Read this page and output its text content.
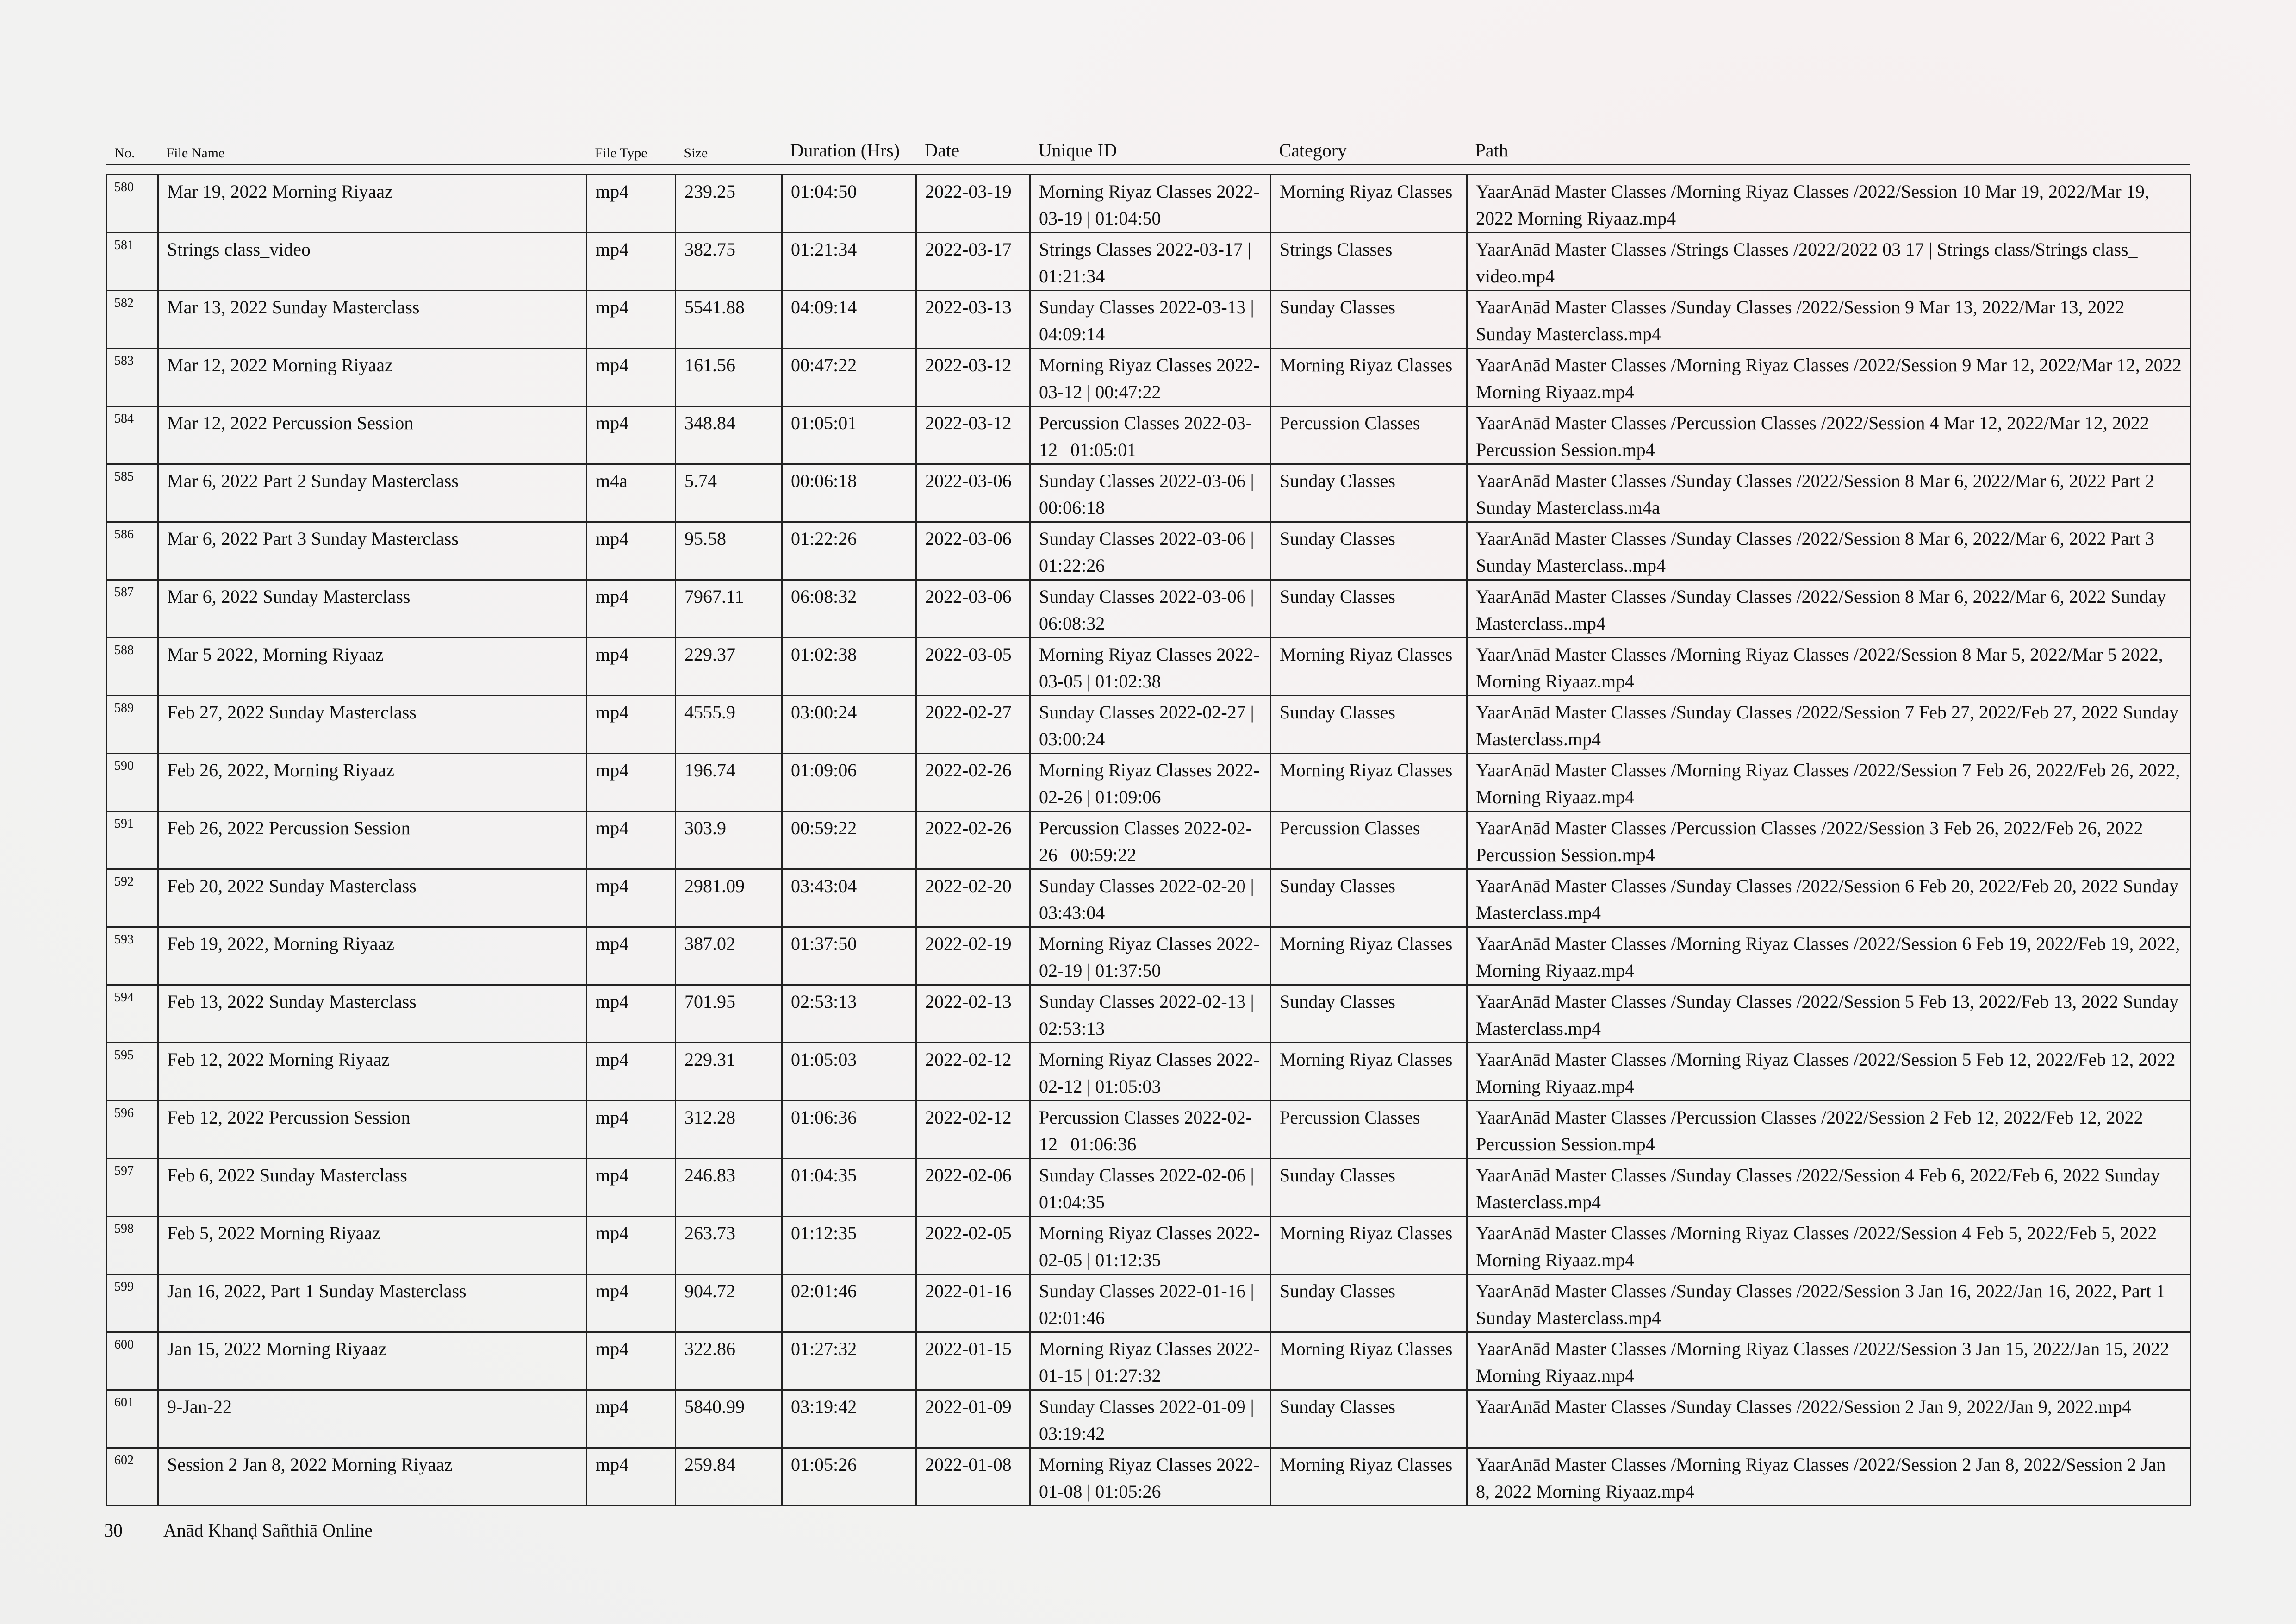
No.	File Name	File Type	Size	Duration (Hrs)	Date	Unique ID	Category	Path

580	Mar 19, 2022 Morning Riyaaz	mp4	239.25	01:04:50	2022-03-19	Morning Riyaz Classes 2022-03-19 | 01:04:50	Morning Riyaz Classes	YaarAnād Master Classes /Morning Riyaz Classes /2022/Session 10 Mar 19, 2022/Mar 19, 2022 Morning Riyaaz.mp4
581	Strings class_video	mp4	382.75	01:21:34	2022-03-17	Strings Classes 2022-03-17 | 01:21:34	Strings Classes	YaarAnād Master Classes /Strings Classes /2022/2022 03 17 | Strings class/Strings class_ video.mp4
582	Mar 13, 2022 Sunday Masterclass	mp4	5541.88	04:09:14	2022-03-13	Sunday Classes 2022-03-13 | 04:09:14	Sunday Classes	YaarAnād Master Classes /Sunday Classes /2022/Session 9 Mar 13, 2022/Mar 13, 2022 Sunday Masterclass.mp4
583	Mar 12, 2022 Morning Riyaaz	mp4	161.56	00:47:22	2022-03-12	Morning Riyaz Classes 2022-03-12 | 00:47:22	Morning Riyaz Classes	YaarAnād Master Classes /Morning Riyaz Classes /2022/Session 9 Mar 12, 2022/Mar 12, 2022 Morning Riyaaz.mp4
584	Mar 12, 2022 Percussion Session	mp4	348.84	01:05:01	2022-03-12	Percussion Classes 2022-03-12 | 01:05:01	Percussion Classes	YaarAnād Master Classes /Percussion Classes /2022/Session 4 Mar 12, 2022/Mar 12, 2022 Percussion Session.mp4
585	Mar 6, 2022 Part 2 Sunday Masterclass	m4a	5.74	00:06:18	2022-03-06	Sunday Classes 2022-03-06 | 00:06:18	Sunday Classes	YaarAnād Master Classes /Sunday Classes /2022/Session 8 Mar 6, 2022/Mar 6, 2022 Part 2 Sunday Masterclass.m4a
586	Mar 6, 2022 Part 3 Sunday Masterclass	mp4	95.58	01:22:26	2022-03-06	Sunday Classes 2022-03-06 | 01:22:26	Sunday Classes	YaarAnād Master Classes /Sunday Classes /2022/Session 8 Mar 6, 2022/Mar 6, 2022 Part 3 Sunday Masterclass..mp4
587	Mar 6, 2022 Sunday Masterclass	mp4	7967.11	06:08:32	2022-03-06	Sunday Classes 2022-03-06 | 06:08:32	Sunday Classes	YaarAnād Master Classes /Sunday Classes /2022/Session 8 Mar 6, 2022/Mar 6, 2022 Sunday Masterclass..mp4
588	Mar 5 2022, Morning Riyaaz	mp4	229.37	01:02:38	2022-03-05	Morning Riyaz Classes 2022-03-05 | 01:02:38	Morning Riyaz Classes	YaarAnād Master Classes /Morning Riyaz Classes /2022/Session 8 Mar 5, 2022/Mar 5 2022, Morning Riyaaz.mp4
589	Feb 27, 2022 Sunday Masterclass	mp4	4555.9	03:00:24	2022-02-27	Sunday Classes 2022-02-27 | 03:00:24	Sunday Classes	YaarAnād Master Classes /Sunday Classes /2022/Session 7 Feb 27, 2022/Feb 27, 2022 Sunday Masterclass.mp4
590	Feb 26, 2022, Morning Riyaaz	mp4	196.74	01:09:06	2022-02-26	Morning Riyaz Classes 2022-02-26 | 01:09:06	Morning Riyaz Classes	YaarAnād Master Classes /Morning Riyaz Classes /2022/Session 7 Feb 26, 2022/Feb 26, 2022, Morning Riyaaz.mp4
591	Feb 26, 2022 Percussion Session	mp4	303.9	00:59:22	2022-02-26	Percussion Classes 2022-02-26 | 00:59:22	Percussion Classes	YaarAnād Master Classes /Percussion Classes /2022/Session 3 Feb 26, 2022/Feb 26, 2022 Percussion Session.mp4
592	Feb 20, 2022 Sunday Masterclass	mp4	2981.09	03:43:04	2022-02-20	Sunday Classes 2022-02-20 | 03:43:04	Sunday Classes	YaarAnād Master Classes /Sunday Classes /2022/Session 6 Feb 20, 2022/Feb 20, 2022 Sunday Masterclass.mp4
593	Feb 19, 2022, Morning Riyaaz	mp4	387.02	01:37:50	2022-02-19	Morning Riyaz Classes 2022-02-19 | 01:37:50	Morning Riyaz Classes	YaarAnād Master Classes /Morning Riyaz Classes /2022/Session 6 Feb 19, 2022/Feb 19, 2022, Morning Riyaaz.mp4
594	Feb 13, 2022 Sunday Masterclass	mp4	701.95	02:53:13	2022-02-13	Sunday Classes 2022-02-13 | 02:53:13	Sunday Classes	YaarAnād Master Classes /Sunday Classes /2022/Session 5 Feb 13, 2022/Feb 13, 2022 Sunday Masterclass.mp4
595	Feb 12, 2022 Morning Riyaaz	mp4	229.31	01:05:03	2022-02-12	Morning Riyaz Classes 2022-02-12 | 01:05:03	Morning Riyaz Classes	YaarAnād Master Classes /Morning Riyaz Classes /2022/Session 5 Feb 12, 2022/Feb 12, 2022 Morning Riyaaz.mp4
596	Feb 12, 2022 Percussion Session	mp4	312.28	01:06:36	2022-02-12	Percussion Classes 2022-02-12 | 01:06:36	Percussion Classes	YaarAnād Master Classes /Percussion Classes /2022/Session 2 Feb 12, 2022/Feb 12, 2022 Percussion Session.mp4
597	Feb 6, 2022 Sunday Masterclass	mp4	246.83	01:04:35	2022-02-06	Sunday Classes 2022-02-06 | 01:04:35	Sunday Classes	YaarAnād Master Classes /Sunday Classes /2022/Session 4 Feb 6, 2022/Feb 6, 2022 Sunday Masterclass.mp4
598	Feb 5, 2022 Morning Riyaaz	mp4	263.73	01:12:35	2022-02-05	Morning Riyaz Classes 2022-02-05 | 01:12:35	Morning Riyaz Classes	YaarAnād Master Classes /Morning Riyaz Classes /2022/Session 4 Feb 5, 2022/Feb 5, 2022 Morning Riyaaz.mp4
599	Jan 16, 2022, Part 1 Sunday Masterclass	mp4	904.72	02:01:46	2022-01-16	Sunday Classes 2022-01-16 | 02:01:46	Sunday Classes	YaarAnād Master Classes /Sunday Classes /2022/Session 3 Jan 16, 2022/Jan 16, 2022, Part 1 Sunday Masterclass.mp4
600	Jan 15, 2022 Morning Riyaaz	mp4	322.86	01:27:32	2022-01-15	Morning Riyaz Classes 2022-01-15 | 01:27:32	Morning Riyaz Classes	YaarAnād Master Classes /Morning Riyaz Classes /2022/Session 3 Jan 15, 2022/Jan 15, 2022 Morning Riyaaz.mp4
601	9-Jan-22	mp4	5840.99	03:19:42	2022-01-09	Sunday Classes 2022-01-09 | 03:19:42	Sunday Classes	YaarAnād Master Classes /Sunday Classes /2022/Session 2 Jan 9, 2022/Jan 9, 2022.mp4
602	Session 2 Jan 8, 2022 Morning Riyaaz	mp4	259.84	01:05:26	2022-01-08	Morning Riyaz Classes 2022-01-08 | 01:05:26	Morning Riyaz Classes	YaarAnād Master Classes /Morning Riyaz Classes /2022/Session 2 Jan 8, 2022/Session 2 Jan 8, 2022 Morning Riyaaz.mp4
30 | Anād Khanḍ Sañthiā Online
